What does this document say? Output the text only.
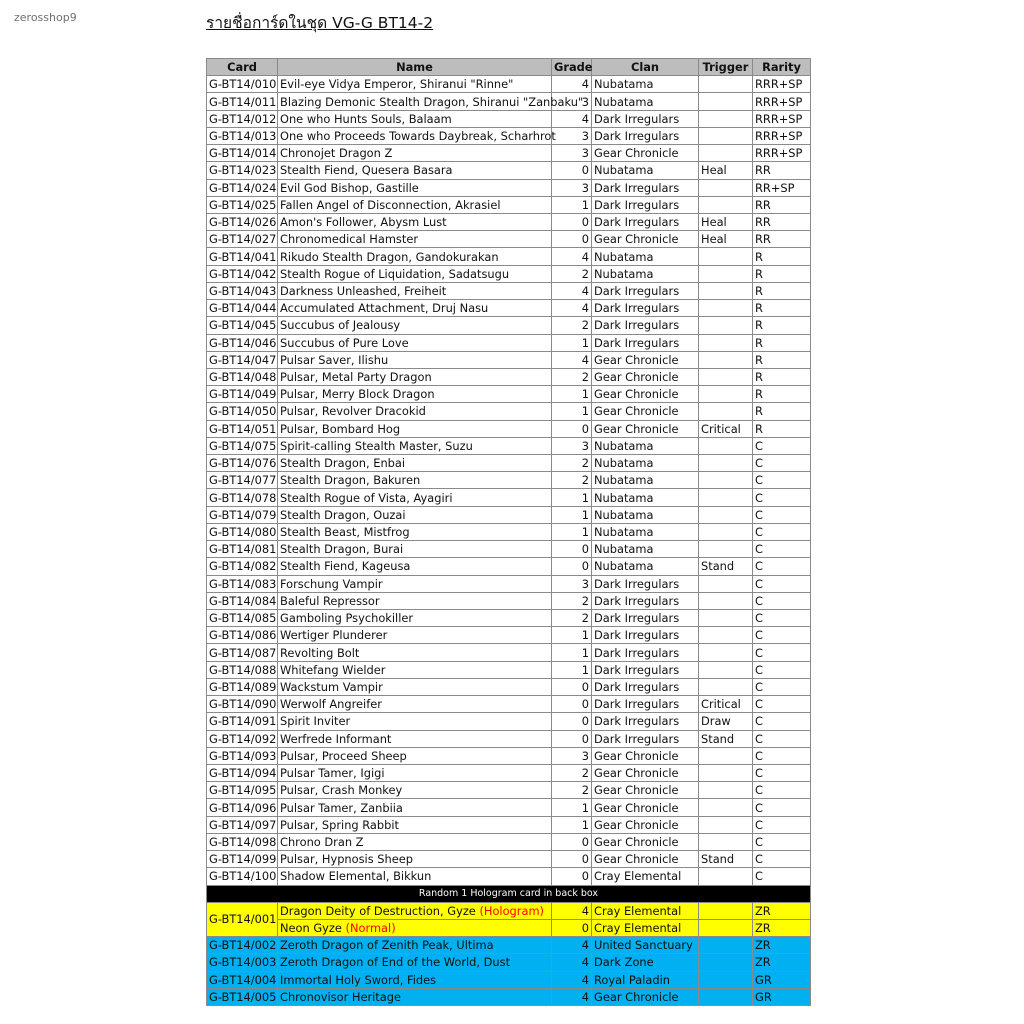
zerosshop9	รายชื่อการ์ดในชุด VG-G BT14-2
Card	Name	Grade	Clan	Trigger	Rarity
G-BT14/010	Evil-eye Vidya Emperor, Shiranui "Rinne"	4	Nubatama		RRR+SP
G-BT14/011	Blazing Demonic Stealth Dragon, Shiranui "Zanbaku"	3	Nubatama		RRR+SP
G-BT14/012	One who Hunts Souls, Balaam	4	Dark Irregulars		RRR+SP
G-BT14/013	One who Proceeds Towards Daybreak, Scharhrot	3	Dark Irregulars		RRR+SP
G-BT14/014	Chronojet Dragon Z	3	Gear Chronicle		RRR+SP
G-BT14/023	Stealth Fiend, Quesera Basara	0	Nubatama	Heal	RR
G-BT14/024	Evil God Bishop, Gastille	3	Dark Irregulars		RR+SP
G-BT14/025	Fallen Angel of Disconnection, Akrasiel	1	Dark Irregulars		RR
G-BT14/026	Amon's Follower, Abysm Lust	0	Dark Irregulars	Heal	RR
G-BT14/027	Chronomedical Hamster	0	Gear Chronicle	Heal	RR
G-BT14/041	Rikudo Stealth Dragon, Gandokurakan	4	Nubatama		R
G-BT14/042	Stealth Rogue of Liquidation, Sadatsugu	2	Nubatama		R
G-BT14/043	Darkness Unleashed, Freiheit	4	Dark Irregulars		R
G-BT14/044	Accumulated Attachment, Druj Nasu	4	Dark Irregulars		R
G-BT14/045	Succubus of Jealousy	2	Dark Irregulars		R
G-BT14/046	Succubus of Pure Love	1	Dark Irregulars		R
G-BT14/047	Pulsar Saver, Ilishu	4	Gear Chronicle		R
G-BT14/048	Pulsar, Metal Party Dragon	2	Gear Chronicle		R
G-BT14/049	Pulsar, Merry Block Dragon	1	Gear Chronicle		R
G-BT14/050	Pulsar, Revolver Dracokid	1	Gear Chronicle		R
G-BT14/051	Pulsar, Bombard Hog	0	Gear Chronicle	Critical	R
G-BT14/075	Spirit-calling Stealth Master, Suzu	3	Nubatama		C
G-BT14/076	Stealth Dragon, Enbai	2	Nubatama		C
G-BT14/077	Stealth Dragon, Bakuren	2	Nubatama		C
G-BT14/078	Stealth Rogue of Vista, Ayagiri	1	Nubatama		C
G-BT14/079	Stealth Dragon, Ouzai	1	Nubatama		C
G-BT14/080	Stealth Beast, Mistfrog	1	Nubatama		C
G-BT14/081	Stealth Dragon, Burai	0	Nubatama		C
G-BT14/082	Stealth Fiend, Kageusa	0	Nubatama	Stand	C
G-BT14/083	Forschung Vampir	3	Dark Irregulars		C
G-BT14/084	Baleful Repressor	2	Dark Irregulars		C
G-BT14/085	Gamboling Psychokiller	2	Dark Irregulars		C
G-BT14/086	Wertiger Plunderer	1	Dark Irregulars		C
G-BT14/087	Revolting Bolt	1	Dark Irregulars		C
G-BT14/088	Whitefang Wielder	1	Dark Irregulars		C
G-BT14/089	Wackstum Vampir	0	Dark Irregulars		C
G-BT14/090	Werwolf Angreifer	0	Dark Irregulars	Critical	C
G-BT14/091	Spirit Inviter	0	Dark Irregulars	Draw	C
G-BT14/092	Werfrede Informant	0	Dark Irregulars	Stand	C
G-BT14/093	Pulsar, Proceed Sheep	3	Gear Chronicle		C
G-BT14/094	Pulsar Tamer, Igigi	2	Gear Chronicle		C
G-BT14/095	Pulsar, Crash Monkey	2	Gear Chronicle		C
G-BT14/096	Pulsar Tamer, Zanbiia	1	Gear Chronicle		C
G-BT14/097	Pulsar, Spring Rabbit	1	Gear Chronicle		C
G-BT14/098	Chrono Dran Z	0	Gear Chronicle		C
G-BT14/099	Pulsar, Hypnosis Sheep	0	Gear Chronicle	Stand	C
G-BT14/100	Shadow Elemental, Bikkun	0	Cray Elemental		C
Random 1 Hologram card in back box					
G-BT14/001	Dragon Deity of Destruction, Gyze (Hologram)	4	Cray Elemental		ZR
	Neon Gyze (Normal)	0	Cray Elemental		ZR
G-BT14/002	Zeroth Dragon of Zenith Peak, Ultima	4	United Sanctuary		ZR
G-BT14/003	Zeroth Dragon of End of the World, Dust	4	Dark Zone		ZR
G-BT14/004	Immortal Holy Sword, Fides	4	Royal Paladin		GR
G-BT14/005	Chronovisor Heritage	4	Gear Chronicle		GR
